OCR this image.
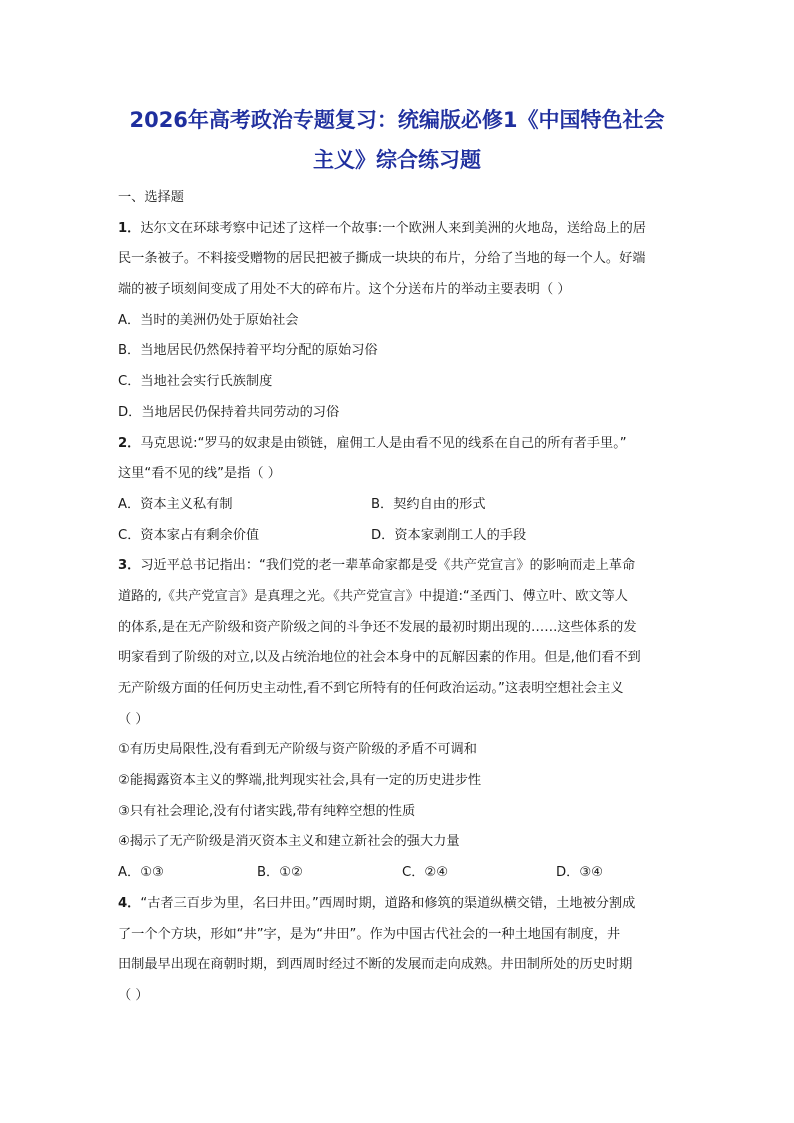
2026年高考政治专题复习：统编版必修1《中国特色社会
主义》综合练习题
一、选择题
1．达尔文在环球考察中记述了这样一个故事:一个欧洲人来到美洲的火地岛，送给岛上的居
民一条被子。不料接受赠物的居民把被子撕成一块块的布片，分给了当地的每一个人。好端
端的被子顷刻间变成了用处不大的碎布片。这个分送布片的举动主要表明（ ）
A．当时的美洲仍处于原始社会
B．当地居民仍然保持着平均分配的原始习俗
C．当地社会实行氏族制度
D．当地居民仍保持着共同劳动的习俗
2．马克思说:“罗马的奴隶是由锁链，雇佣工人是由看不见的线系在自己的所有者手里。”
这里“看不见的线”是指（ ）
A．资本主义私有制	B．契约自由的形式
C．资本家占有剩余价值	D．资本家剥削工人的手段
3．习近平总书记指出：“我们党的老一辈革命家都是受《共产党宣言》的影响而走上革命
道路的,《共产党宣言》是真理之光。《共产党宣言》中提道:“圣西门、傅立叶、欧文等人
的体系,是在无产阶级和资产阶级之间的斗争还不发展的最初时期出现的……这些体系的发
明家看到了阶级的对立,以及占统治地位的社会本身中的瓦解因素的作用。但是,他们看不到
无产阶级方面的任何历史主动性,看不到它所特有的任何政治运动。”这表明空想社会主义
（ ）
①有历史局限性,没有看到无产阶级与资产阶级的矛盾不可调和
②能揭露资本主义的弊端,批判现实社会,具有一定的历史进步性
③只有社会理论,没有付诸实践,带有纯粹空想的性质
④揭示了无产阶级是消灭资本主义和建立新社会的强大力量
A．①③	B．①②	C．②④	D．③④
4．“古者三百步为里，名曰井田。”西周时期，道路和修筑的渠道纵横交错，土地被分割成
了一个个方块，形如“井”字，是为“井田”。作为中国古代社会的一种土地国有制度，井
田制最早出现在商朝时期，到西周时经过不断的发展而走向成熟。井田制所处的历史时期
（ ）
